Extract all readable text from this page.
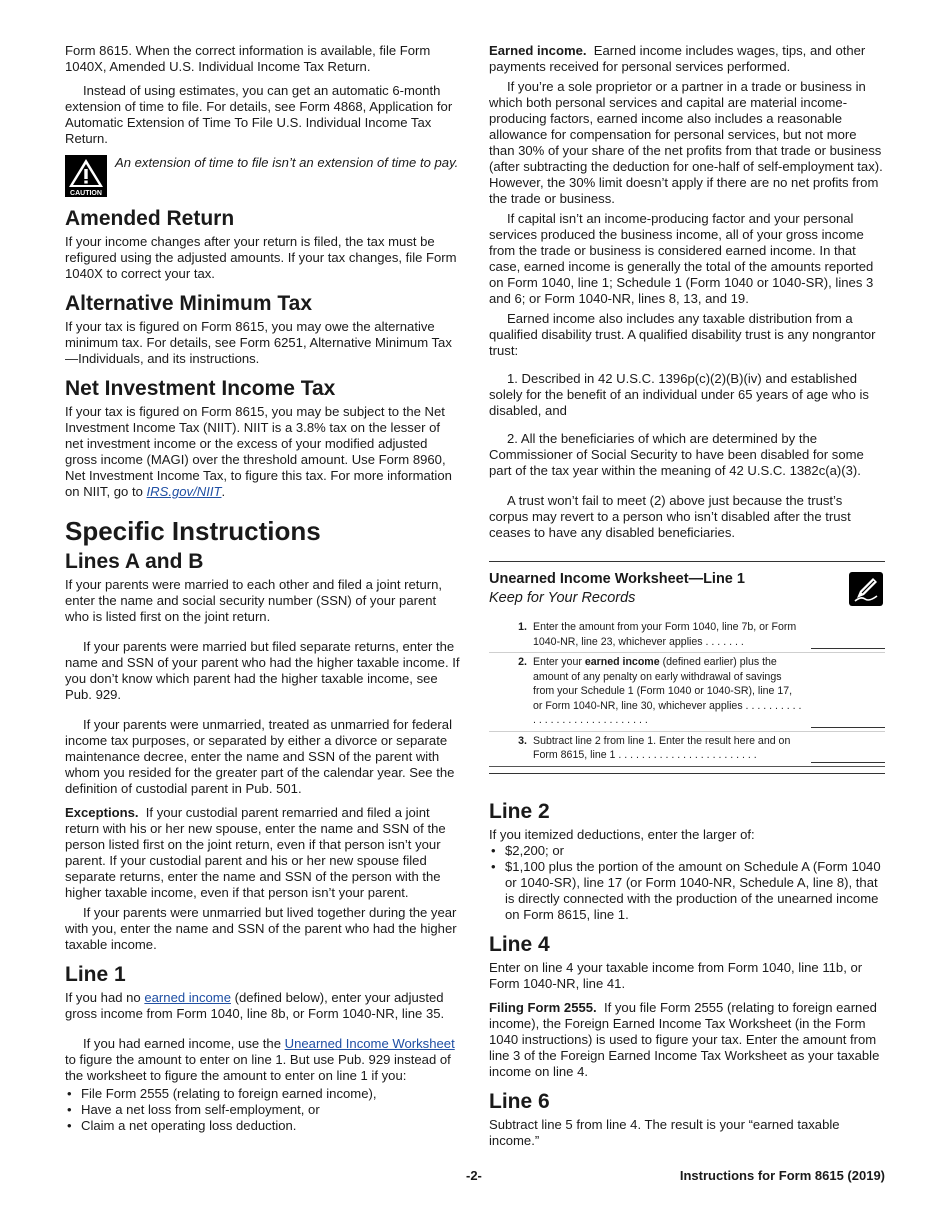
Form 8615. When the correct information is available, file Form 1040X, Amended U.S. Individual Income Tax Return.

Instead of using estimates, you can get an automatic 6-month extension of time to file. For details, see Form 4868, Application for Automatic Extension of Time To File U.S. Individual Income Tax Return.

CAUTION

An extension of time to file isn’t an extension of time to pay.

Amended Return

If your income changes after your return is filed, the tax must be refigured using the adjusted amounts. If your tax changes, file Form 1040X to correct your tax.

Alternative Minimum Tax

If your tax is figured on Form 8615, you may owe the alternative minimum tax. For details, see Form 6251, Alternative Minimum Tax—Individuals, and its instructions.

Net Investment Income Tax

If your tax is figured on Form 8615, you may be subject to the Net Investment Income Tax (NIIT). NIIT is a 3.8% tax on the lesser of net investment income or the excess of your modified adjusted gross income (MAGI) over the threshold amount. Use Form 8960, Net Investment Income Tax, to figure this tax. For more information on NIIT, go to IRS.gov/NIIT.

Specific Instructions
Lines A and B

If your parents were married to each other and filed a joint return, enter the name and social security number (SSN) of your parent who is listed first on the joint return.

If your parents were married but filed separate returns, enter the name and SSN of your parent who had the higher taxable income. If you don’t know which parent had the higher taxable income, see Pub. 929.

If your parents were unmarried, treated as unmarried for federal income tax purposes, or separated by either a divorce or separate maintenance decree, enter the name and SSN of the parent with whom you resided for the greater part of the calendar year. See the definition of custodial parent in Pub. 501.

Exceptions. If your custodial parent remarried and filed a joint return with his or her new spouse, enter the name and SSN of the person listed first on the joint return, even if that person isn’t your parent. If your custodial parent and his or her new spouse filed separate returns, enter the name and SSN of the person with the higher taxable income, even if that person isn’t your parent.

If your parents were unmarried but lived together during the year with you, enter the name and SSN of the parent who had the higher taxable income.

Line 1

If you had no earned income (defined below), enter your adjusted gross income from Form 1040, line 8b, or Form 1040-NR, line 35.

If you had earned income, use the Unearned Income Worksheet to figure the amount to enter on line 1. But use Pub. 929 instead of the worksheet to figure the amount to enter on line 1 if you:

• File Form 2555 (relating to foreign earned income),
• Have a net loss from self-employment, or
• Claim a net operating loss deduction.

Earned income. Earned income includes wages, tips, and other payments received for personal services performed.

If you’re a sole proprietor or a partner in a trade or business in which both personal services and capital are material income-producing factors, earned income also includes a reasonable allowance for compensation for personal services, but not more than 30% of your share of the net profits from that trade or business (after subtracting the deduction for one-half of self-employment tax). However, the 30% limit doesn’t apply if there are no net profits from the trade or business.

If capital isn’t an income-producing factor and your personal services produced the business income, all of your gross income from the trade or business is considered earned income. In that case, earned income is generally the total of the amounts reported on Form 1040, line 1; Schedule 1 (Form 1040 or 1040-SR), lines 3 and 6; or Form 1040-NR, lines 8, 13, and 19.

Earned income also includes any taxable distribution from a qualified disability trust. A qualified disability trust is any nongrantor trust:

1. Described in 42 U.S.C. 1396p(c)(2)(B)(iv) and established solely for the benefit of an individual under 65 years of age who is disabled, and

2. All the beneficiaries of which are determined by the Commissioner of Social Security to have been disabled for some part of the tax year within the meaning of 42 U.S.C. 1382c(a)(3).

A trust won’t fail to meet (2) above just because the trust’s corpus may revert to a person who isn’t disabled after the trust ceases to have any disabled beneficiaries.

Unearned Income Worksheet—Line 1
Keep for Your Records
1. Enter the amount from your Form 1040, line 7b, or Form 1040-NR, line 23, whichever applies . . . . . . .
2. Enter your earned income (defined earlier) plus the amount of any penalty on early withdrawal of savings from your Schedule 1 (Form 1040 or 1040-SR), line 17, or Form 1040-NR, line 30, whichever applies . . . . . . . . . . . . . . . . . . . . . . . . . . . . . .
3. Subtract line 2 from line 1. Enter the result here and on Form 8615, line 1 . . . . . . . . . . . . . . . . . . . . . . . .
Line 2

If you itemized deductions, enter the larger of:

• $2,200; or
• $1,100 plus the portion of the amount on Schedule A (Form 1040 or 1040-SR), line 17 (or Form 1040-NR, Schedule A, line 8), that is directly connected with the production of the unearned income on Form 8615, line 1.
Line 4

Enter on line 4 your taxable income from Form 1040, line 11b, or Form 1040-NR, line 41.

Filing Form 2555. If you file Form 2555 (relating to foreign earned income), the Foreign Earned Income Tax Worksheet (in the Form 1040 instructions) is used to figure your tax. Enter the amount from line 3 of the Foreign Earned Income Tax Worksheet as your taxable income on line 4.

Line 6

Subtract line 5 from line 4. The result is your “earned taxable income.”

-2-	Instructions for Form 8615 (2019)
